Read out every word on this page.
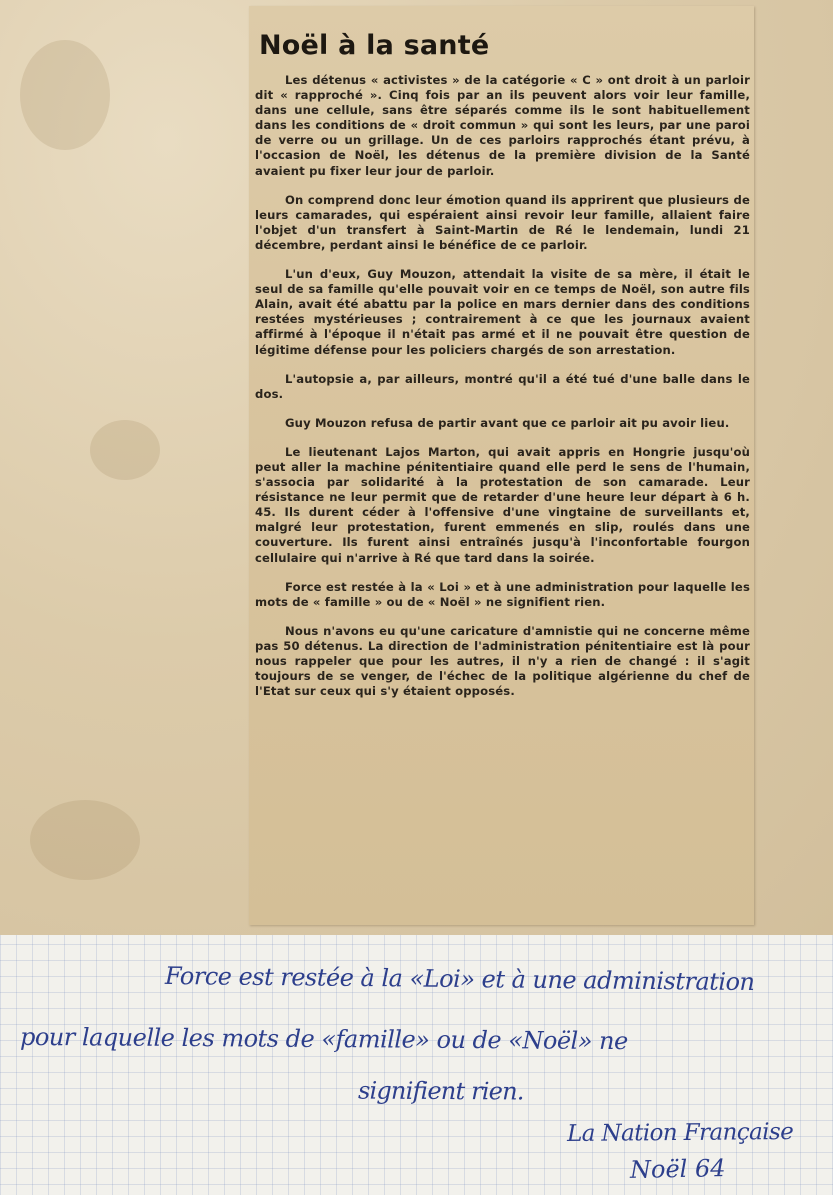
Noël à la santé

Les détenus « activistes » de la catégorie « C » ont droit à un parloir dit « rapproché ». Cinq fois par an ils peuvent alors voir leur famille, dans une cellule, sans être séparés comme ils le sont habituellement dans les conditions de « droit commun » qui sont les leurs, par une paroi de verre ou un grillage. Un de ces parloirs rapprochés étant prévu, à l'occasion de Noël, les détenus de la première division de la Santé avaient pu fixer leur jour de parloir.

On comprend donc leur émotion quand ils apprirent que plusieurs de leurs camarades, qui espéraient ainsi revoir leur famille, allaient faire l'objet d'un transfert à Saint-Martin de Ré le lendemain, lundi 21 décembre, perdant ainsi le bénéfice de ce parloir.

L'un d'eux, Guy Mouzon, attendait la visite de sa mère, il était le seul de sa famille qu'elle pouvait voir en ce temps de Noël, son autre fils Alain, avait été abattu par la police en mars dernier dans des conditions restées mystérieuses ; contrairement à ce que les journaux avaient affirmé à l'époque il n'était pas armé et il ne pouvait être question de légitime défense pour les policiers chargés de son arrestation.

L'autopsie a, par ailleurs, montré qu'il a été tué d'une balle dans le dos.

Guy Mouzon refusa de partir avant que ce parloir ait pu avoir lieu.

Le lieutenant Lajos Marton, qui avait appris en Hongrie jusqu'où peut aller la machine pénitentiaire quand elle perd le sens de l'humain, s'associa par solidarité à la protestation de son camarade. Leur résistance ne leur permit que de retarder d'une heure leur départ à 6 h. 45. Ils durent céder à l'offensive d'une vingtaine de surveillants et, malgré leur protestation, furent emmenés en slip, roulés dans une couverture. Ils furent ainsi entraînés jusqu'à l'inconfortable fourgon cellulaire qui n'arrive à Ré que tard dans la soirée.

Force est restée à la « Loi » et à une administration pour laquelle les mots de « famille » ou de « Noël » ne signifient rien.

Nous n'avons eu qu'une caricature d'amnistie qui ne concerne même pas 50 détenus. La direction de l'administration pénitentiaire est là pour nous rappeler que pour les autres, il n'y a rien de changé : il s'agit toujours de se venger, de l'échec de la politique algérienne du chef de l'Etat sur ceux qui s'y étaient opposés.

Force est restée à la «Loi» et à une administration
pour laquelle les mots de «famille» ou de «Noël» ne
signifient rien.
La Nation Française
Noël 64
